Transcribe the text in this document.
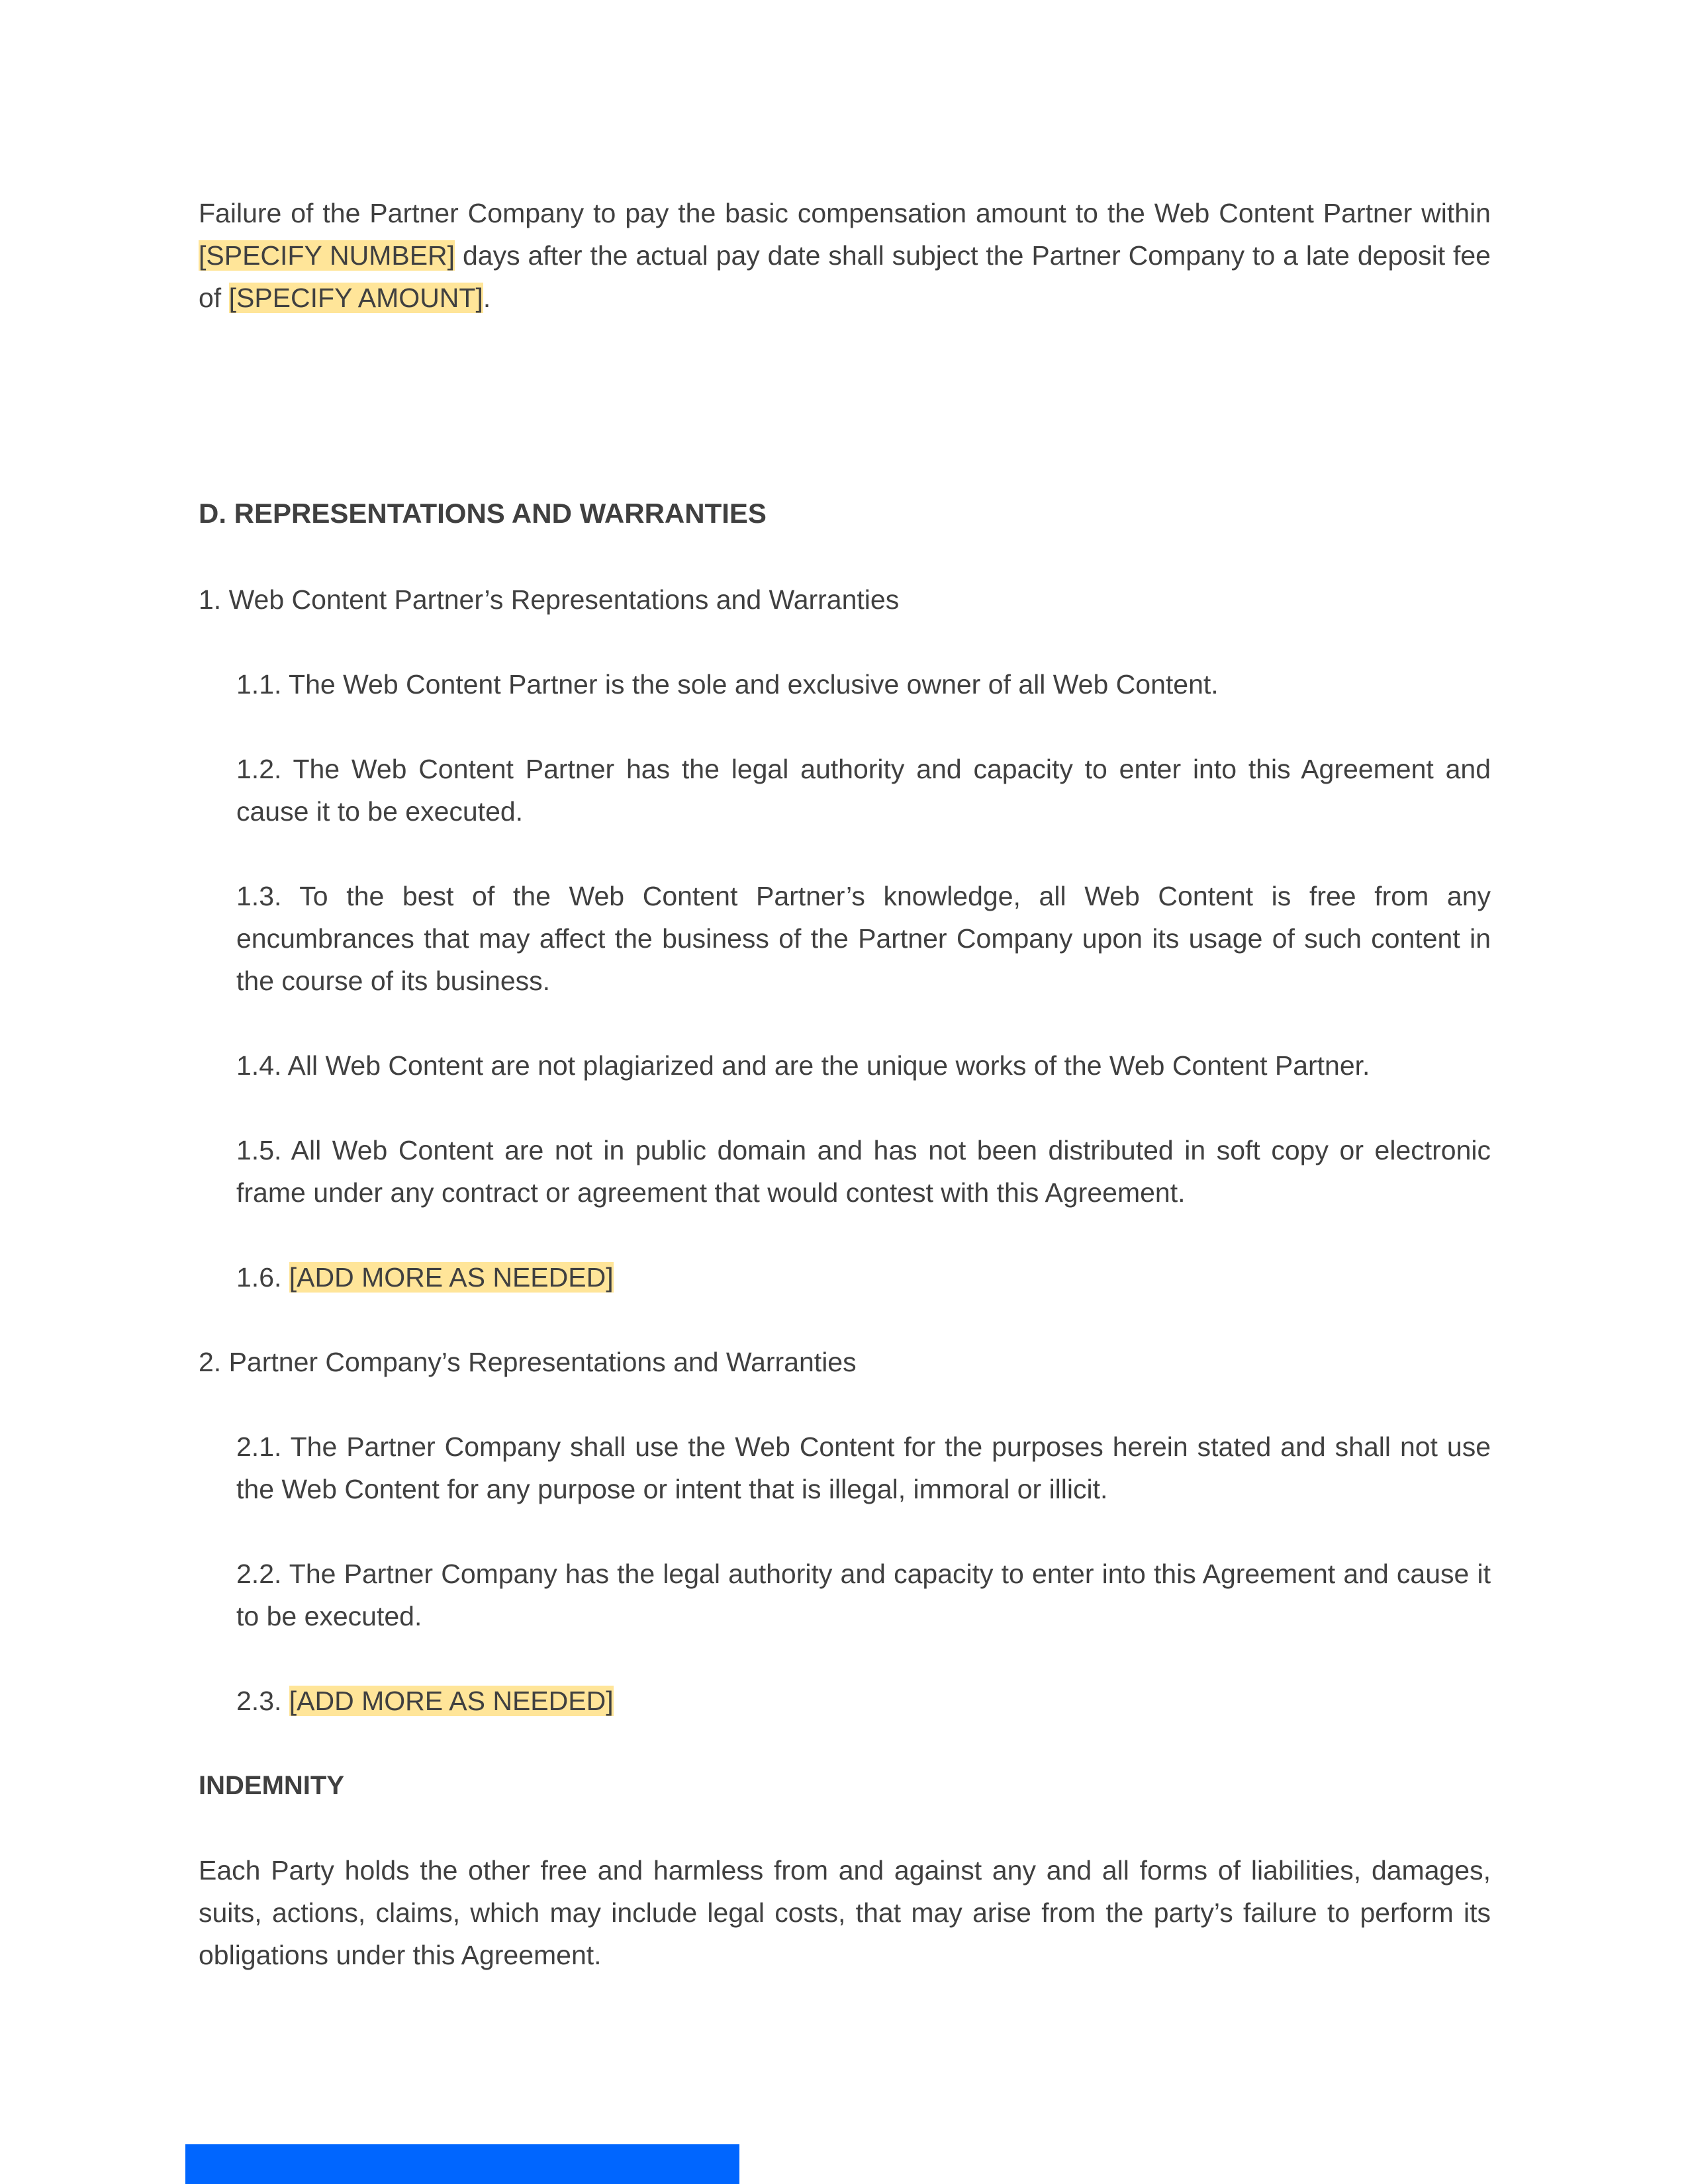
Failure of the Partner Company to pay the basic compensation amount to the Web Content Partner within [SPECIFY NUMBER] days after the actual pay date shall subject the Partner Company to a late deposit fee of [SPECIFY AMOUNT].

D. REPRESENTATIONS AND WARRANTIES

1. Web Content Partner’s Representations and Warranties

1.1. The Web Content Partner is the sole and exclusive owner of all Web Content.

1.2. The Web Content Partner has the legal authority and capacity to enter into this Agreement and cause it to be executed.

1.3. To the best of the Web Content Partner’s knowledge, all Web Content is free from any encumbrances that may affect the business of the Partner Company upon its usage of such content in the course of its business.

1.4. All Web Content are not plagiarized and are the unique works of the Web Content Partner.

1.5. All Web Content are not in public domain and has not been distributed in soft copy or electronic frame under any contract or agreement that would contest with this Agreement.

1.6. [ADD MORE AS NEEDED]

2. Partner Company’s Representations and Warranties

2.1. The Partner Company shall use the Web Content for the purposes herein stated and shall not use the Web Content for any purpose or intent that is illegal, immoral or illicit.

2.2. The Partner Company has the legal authority and capacity to enter into this Agreement and cause it to be executed.

2.3. [ADD MORE AS NEEDED]

INDEMNITY

Each Party holds the other free and harmless from and against any and all forms of liabilities, damages, suits, actions, claims, which may include legal costs, that may arise from the party’s failure to perform its obligations under this Agreement.
